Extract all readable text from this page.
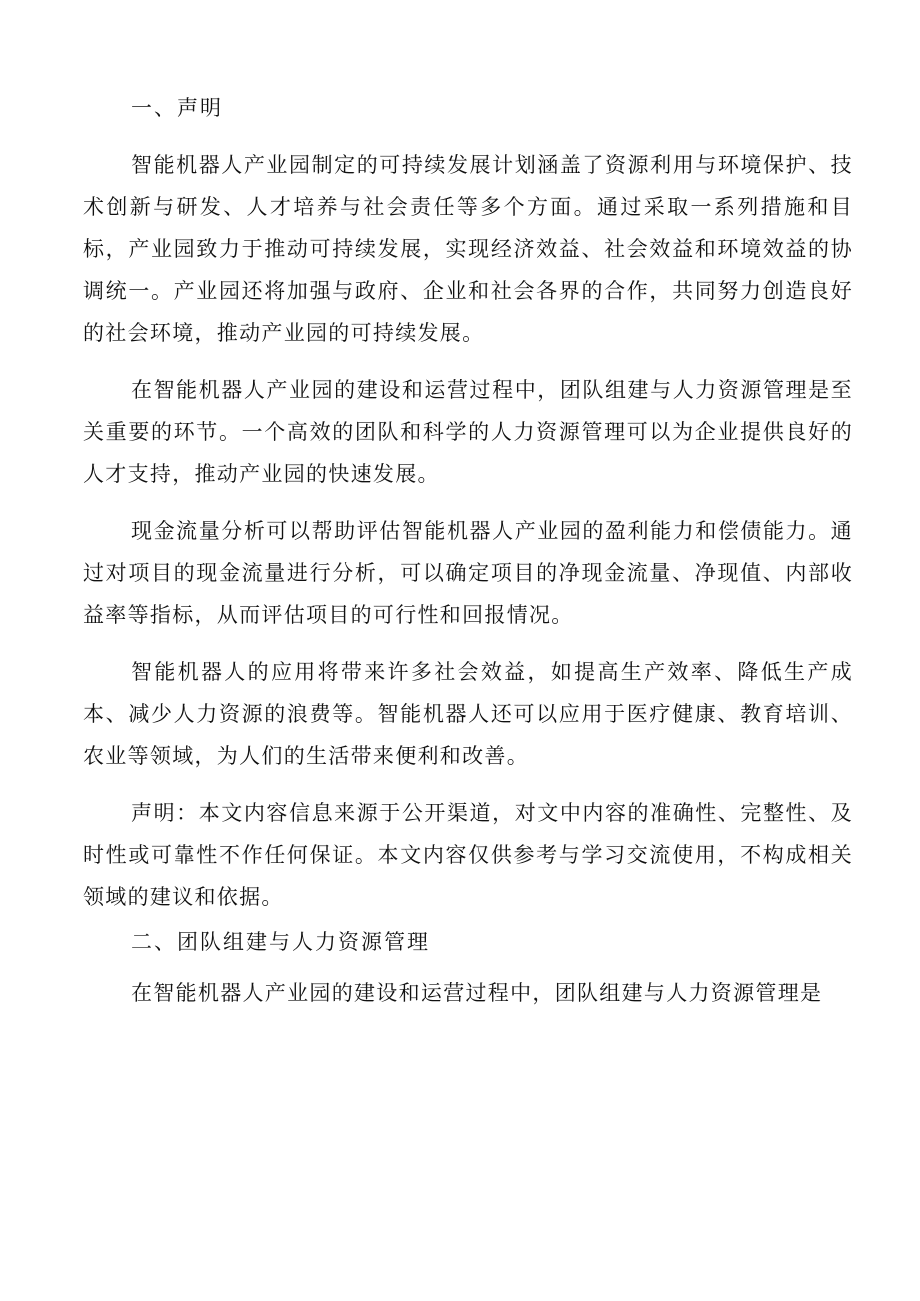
一、声明

智能机器人产业园制定的可持续发展计划涵盖了资源利用与环境保护、技术创新与研发、人才培养与社会责任等多个方面。通过采取一系列措施和目标，产业园致力于推动可持续发展，实现经济效益、社会效益和环境效益的协调统一。产业园还将加强与政府、企业和社会各界的合作，共同努力创造良好的社会环境，推动产业园的可持续发展。

在智能机器人产业园的建设和运营过程中，团队组建与人力资源管理是至关重要的环节。一个高效的团队和科学的人力资源管理可以为企业提供良好的人才支持，推动产业园的快速发展。

现金流量分析可以帮助评估智能机器人产业园的盈利能力和偿债能力。通过对项目的现金流量进行分析，可以确定项目的净现金流量、净现值、内部收益率等指标，从而评估项目的可行性和回报情况。

智能机器人的应用将带来许多社会效益，如提高生产效率、降低生产成本、减少人力资源的浪费等。智能机器人还可以应用于医疗健康、教育培训、农业等领域，为人们的生活带来便利和改善。

声明：本文内容信息来源于公开渠道，对文中内容的准确性、完整性、及时性或可靠性不作任何保证。本文内容仅供参考与学习交流使用，不构成相关领域的建议和依据。

二、团队组建与人力资源管理

在智能机器人产业园的建设和运营过程中，团队组建与人力资源管理是
